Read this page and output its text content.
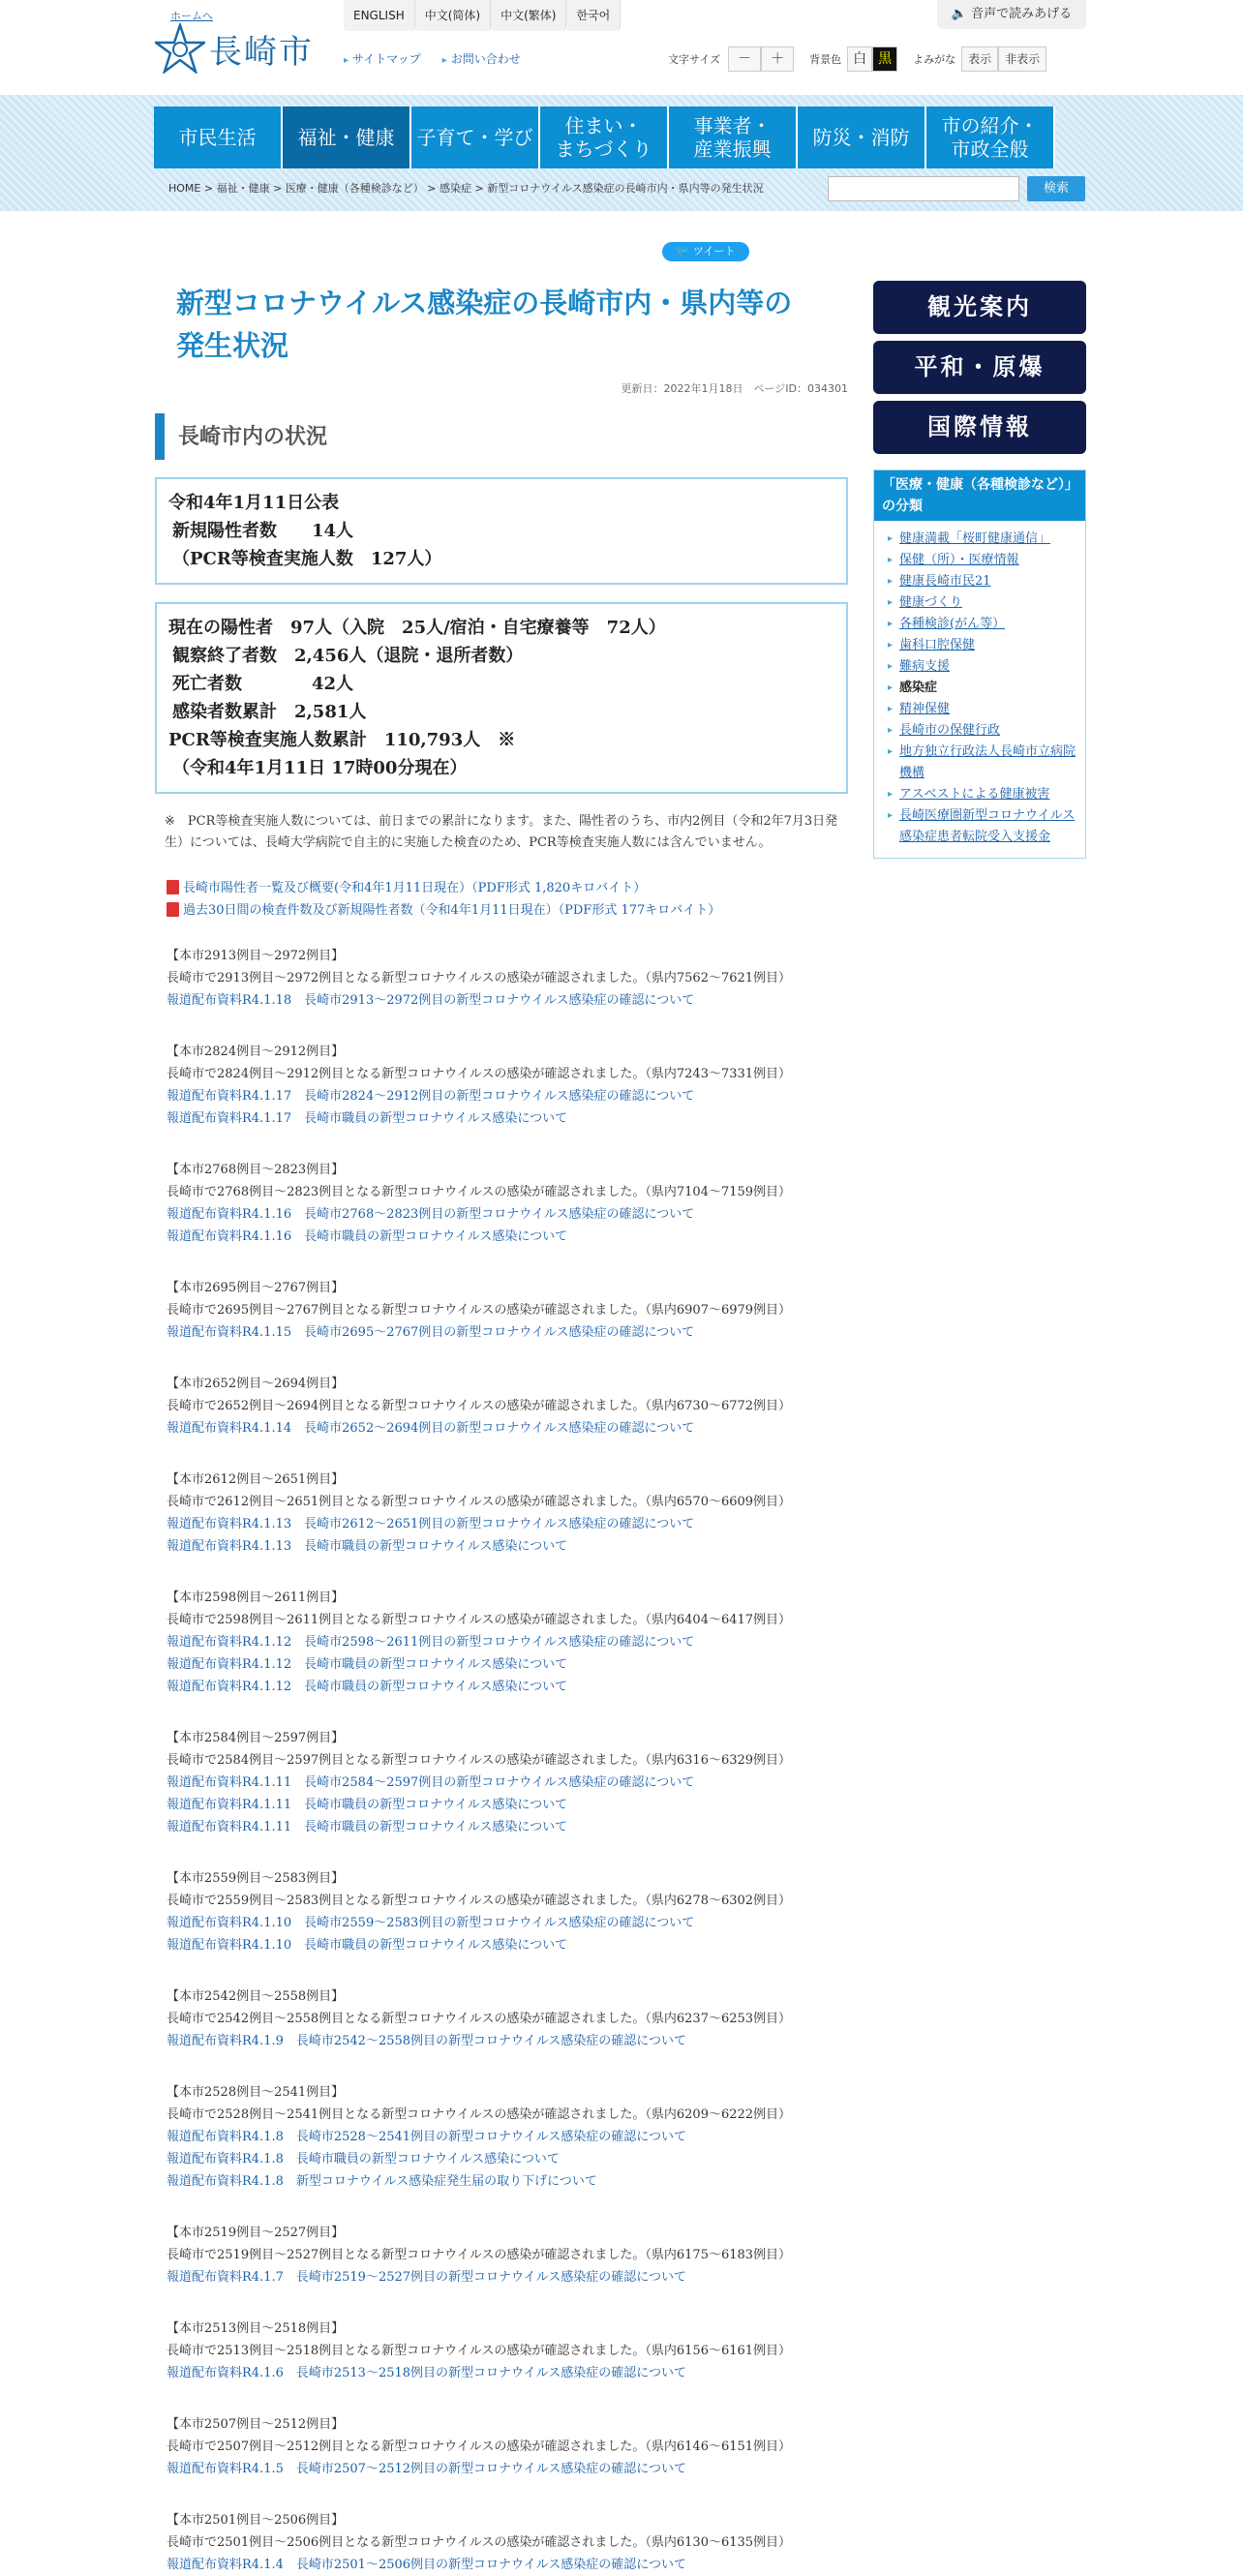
ホームへ
長崎市
ENGLISH	中文(简体)	中文(繁体)	한국어
▸ サイトマップ	▸ お問い合わせ
🔈 音声で読みあげる
文字サイズ	－	＋	背景色 白 黒	よみがな	表示	非表示
市民生活 福祉・健康 子育て・学び	住まい・
まちづくり
事業者・
産業振興 防災・消防 市の紹介・
市政全般
HOME > 福祉・健康 > 医療・健康（各種検診など） > 感染症 > 新型コロナウイルス感染症の長崎市内・県内等の発生状況	検索
🐦 ツイート
新型コロナウイルス感染症の長崎市内・県内等の
発生状況
更新日：2022年1月18日　ページID：034301
長崎市内の状況
令和4年1月11日公表
新規陽性者数　　14人
（PCR等検査実施人数　127人）
現在の陽性者　97人（入院　25人/宿泊・自宅療養等　72人）
観察終了者数　2,456人（退院・退所者数）
死亡者数　　　　42人
感染者数累計　2,581人
PCR等検査実施人数累計　110,793人　※
（令和4年1月11日 17時00分現在）

※　PCR等検査実施人数については、前日までの累計になります。また、陽性者のうち、市内2例目（令和2年7月3日発生）については、長崎大学病院で自主的に実施した検査のため、PCR等検査実施人数には含んでいません。

長崎市陽性者一覧及び概要(令和4年1月11日現在）（PDF形式 1,820キロバイト）
過去30日間の検査件数及び新規陽性者数（令和4年1月11日現在）（PDF形式 177キロバイト）
【本市2913例目～2972例目】
長崎市で2913例目～2972例目となる新型コロナウイルスの感染が確認されました。（県内7562～7621例目）
報道配布資料R4.1.18　長崎市2913～2972例目の新型コロナウイルス感染症の確認について
【本市2824例目～2912例目】
長崎市で2824例目～2912例目となる新型コロナウイルスの感染が確認されました。（県内7243～7331例目）
報道配布資料R4.1.17　長崎市2824～2912例目の新型コロナウイルス感染症の確認について
報道配布資料R4.1.17　長崎市職員の新型コロナウイルス感染について
【本市2768例目～2823例目】
長崎市で2768例目～2823例目となる新型コロナウイルスの感染が確認されました。（県内7104～7159例目）
報道配布資料R4.1.16　長崎市2768～2823例目の新型コロナウイルス感染症の確認について
報道配布資料R4.1.16　長崎市職員の新型コロナウイルス感染について
【本市2695例目～2767例目】
長崎市で2695例目～2767例目となる新型コロナウイルスの感染が確認されました。（県内6907～6979例目）
報道配布資料R4.1.15　長崎市2695～2767例目の新型コロナウイルス感染症の確認について
【本市2652例目～2694例目】
長崎市で2652例目～2694例目となる新型コロナウイルスの感染が確認されました。（県内6730～6772例目）
報道配布資料R4.1.14　長崎市2652～2694例目の新型コロナウイルス感染症の確認について
【本市2612例目～2651例目】
長崎市で2612例目～2651例目となる新型コロナウイルスの感染が確認されました。（県内6570～6609例目）
報道配布資料R4.1.13　長崎市2612～2651例目の新型コロナウイルス感染症の確認について
報道配布資料R4.1.13　長崎市職員の新型コロナウイルス感染について
【本市2598例目～2611例目】
長崎市で2598例目～2611例目となる新型コロナウイルスの感染が確認されました。（県内6404～6417例目）
報道配布資料R4.1.12　長崎市2598～2611例目の新型コロナウイルス感染症の確認について
報道配布資料R4.1.12　長崎市職員の新型コロナウイルス感染について
報道配布資料R4.1.12　長崎市職員の新型コロナウイルス感染について
【本市2584例目～2597例目】
長崎市で2584例目～2597例目となる新型コロナウイルスの感染が確認されました。（県内6316～6329例目）
報道配布資料R4.1.11　長崎市2584～2597例目の新型コロナウイルス感染症の確認について
報道配布資料R4.1.11　長崎市職員の新型コロナウイルス感染について
報道配布資料R4.1.11　長崎市職員の新型コロナウイルス感染について
【本市2559例目～2583例目】
長崎市で2559例目～2583例目となる新型コロナウイルスの感染が確認されました。（県内6278～6302例目）
報道配布資料R4.1.10　長崎市2559～2583例目の新型コロナウイルス感染症の確認について
報道配布資料R4.1.10　長崎市職員の新型コロナウイルス感染について
【本市2542例目～2558例目】
長崎市で2542例目～2558例目となる新型コロナウイルスの感染が確認されました。（県内6237～6253例目）
報道配布資料R4.1.9　長崎市2542～2558例目の新型コロナウイルス感染症の確認について
【本市2528例目～2541例目】
長崎市で2528例目～2541例目となる新型コロナウイルスの感染が確認されました。（県内6209～6222例目）
報道配布資料R4.1.8　長崎市2528～2541例目の新型コロナウイルス感染症の確認について
報道配布資料R4.1.8　長崎市職員の新型コロナウイルス感染について
報道配布資料R4.1.8　新型コロナウイルス感染症発生届の取り下げについて
【本市2519例目～2527例目】
長崎市で2519例目～2527例目となる新型コロナウイルスの感染が確認されました。（県内6175～6183例目）
報道配布資料R4.1.7　長崎市2519～2527例目の新型コロナウイルス感染症の確認について
【本市2513例目～2518例目】
長崎市で2513例目～2518例目となる新型コロナウイルスの感染が確認されました。（県内6156～6161例目）
報道配布資料R4.1.6　長崎市2513～2518例目の新型コロナウイルス感染症の確認について
【本市2507例目～2512例目】
長崎市で2507例目～2512例目となる新型コロナウイルスの感染が確認されました。（県内6146～6151例目）
報道配布資料R4.1.5　長崎市2507～2512例目の新型コロナウイルス感染症の確認について
【本市2501例目～2506例目】
長崎市で2501例目～2506例目となる新型コロナウイルスの感染が確認されました。（県内6130～6135例目）
報道配布資料R4.1.4　長崎市2501～2506例目の新型コロナウイルス感染症の確認について
観光案内
平和・原爆
国際情報
「医療・健康（各種検診など）」の分類
▸ 健康満載「桜町健康通信」
▸ 保健（所）・医療情報
▸ 健康長崎市民21
▸ 健康づくり
▸ 各種検診(がん等）
▸ 歯科口腔保健
▸ 難病支援
▸ 感染症
▸ 精神保健
▸ 長崎市の保健行政
▸ 地方独立行政法人長崎市立病院機構
▸ アスベストによる健康被害
▸ 長崎医療圏新型コロナウイルス感染症患者転院受入支援金
